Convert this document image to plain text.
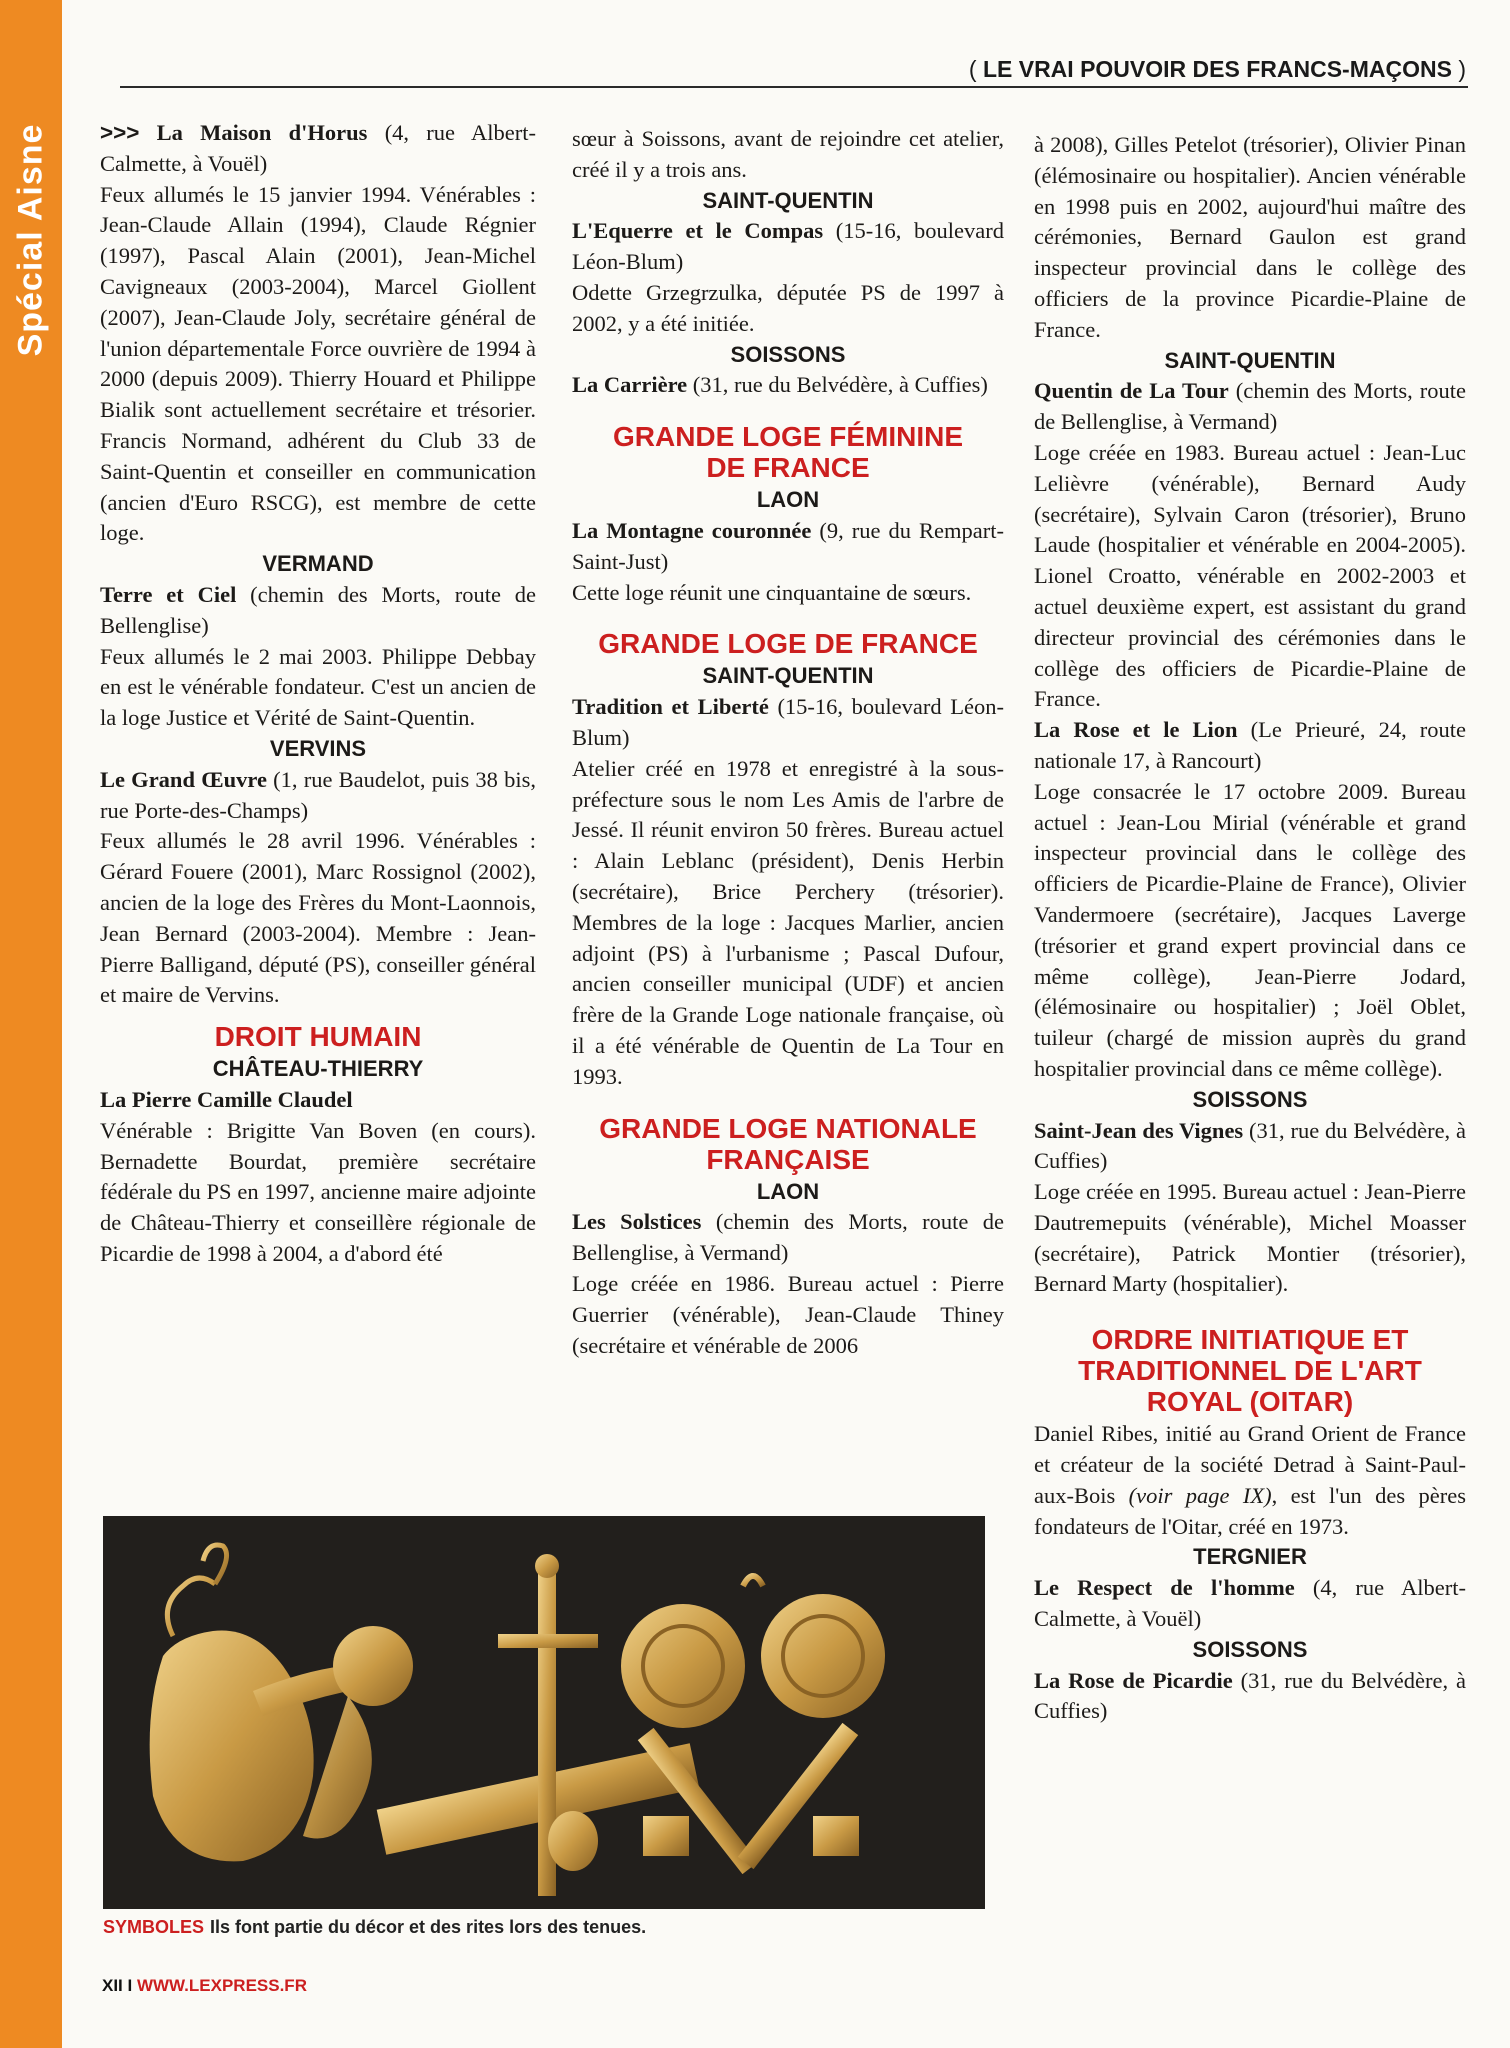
Spécial Aisne
( LE VRAI POUVOIR DES FRANCS-MAÇONS )

>>> La Maison d'Horus (4, rue Albert-Calmette, à Vouël)

Feux allumés le 15 janvier 1994. Vénérables : Jean-Claude Allain (1994), Claude Régnier (1997), Pascal Alain (2001), Jean-Michel Cavigneaux (2003-2004), Marcel Giollent (2007), Jean-Claude Joly, secrétaire général de l'union départementale Force ouvrière de 1994 à 2000 (depuis 2009). Thierry Houard et Philippe Bialik sont actuellement secrétaire et trésorier. Francis Normand, adhérent du Club 33 de Saint-Quentin et conseiller en communication (ancien d'Euro RSCG), est membre de cette loge.

VERMAND

Terre et Ciel (chemin des Morts, route de Bellenglise)

Feux allumés le 2 mai 2003. Philippe Debbay en est le vénérable fondateur. C'est un ancien de la loge Justice et Vérité de Saint-Quentin.

VERVINS

Le Grand Œuvre (1, rue Baudelot, puis 38 bis, rue Porte-des-Champs)

Feux allumés le 28 avril 1996. Vénérables : Gérard Fouere (2001), Marc Rossignol (2002), ancien de la loge des Frères du Mont-Laonnois, Jean Bernard (2003-2004). Membre : Jean-Pierre Balligand, député (PS), conseiller général et maire de Vervins.

DROIT HUMAIN

CHÂTEAU-THIERRY

La Pierre Camille Claudel

Vénérable : Brigitte Van Boven (en cours). Bernadette Bourdat, première secrétaire fédérale du PS en 1997, ancienne maire adjointe de Château-Thierry et conseillère régionale de Picardie de 1998 à 2004, a d'abord été

sœur à Soissons, avant de rejoindre cet atelier, créé il y a trois ans.

SAINT-QUENTIN

L'Equerre et le Compas (15-16, boulevard Léon-Blum)

Odette Grzegrzulka, députée PS de 1997 à 2002, y a été initiée.

SOISSONS

La Carrière (31, rue du Belvédère, à Cuffies)

GRANDE LOGE FÉMININE DE FRANCE

LAON

La Montagne couronnée (9, rue du Rempart-Saint-Just)

Cette loge réunit une cinquantaine de sœurs.

GRANDE LOGE DE FRANCE

SAINT-QUENTIN

Tradition et Liberté (15-16, boulevard Léon-Blum)

Atelier créé en 1978 et enregistré à la sous-préfecture sous le nom Les Amis de l'arbre de Jessé. Il réunit environ 50 frères. Bureau actuel : Alain Leblanc (président), Denis Herbin (secrétaire), Brice Perchery (trésorier). Membres de la loge : Jacques Marlier, ancien adjoint (PS) à l'urbanisme ; Pascal Dufour, ancien conseiller municipal (UDF) et ancien frère de la Grande Loge nationale française, où il a été vénérable de Quentin de La Tour en 1993.

GRANDE LOGE NATIONALE FRANÇAISE

LAON

Les Solstices (chemin des Morts, route de Bellenglise, à Vermand)

Loge créée en 1986. Bureau actuel : Pierre Guerrier (vénérable), Jean-Claude Thiney (secrétaire et vénérable de 2006

à 2008), Gilles Petelot (trésorier), Olivier Pinan (élémosinaire ou hospitalier). Ancien vénérable en 1998 puis en 2002, aujourd'hui maître des cérémonies, Bernard Gaulon est grand inspecteur provincial dans le collège des officiers de la province Picardie-Plaine de France.

SAINT-QUENTIN

Quentin de La Tour (chemin des Morts, route de Bellenglise, à Vermand)

Loge créée en 1983. Bureau actuel : Jean-Luc Lelièvre (vénérable), Bernard Audy (secrétaire), Sylvain Caron (trésorier), Bruno Laude (hospitalier et vénérable en 2004-2005). Lionel Croatto, vénérable en 2002-2003 et actuel deuxième expert, est assistant du grand directeur provincial des cérémonies dans le collège des officiers de Picardie-Plaine de France.

La Rose et le Lion (Le Prieuré, 24, route nationale 17, à Rancourt)

Loge consacrée le 17 octobre 2009. Bureau actuel : Jean-Lou Mirial (vénérable et grand inspecteur provincial dans le collège des officiers de Picardie-Plaine de France), Olivier Vandermoere (secrétaire), Jacques Laverge (trésorier et grand expert provincial dans ce même collège), Jean-Pierre Jodard, (élémosinaire ou hospitalier) ; Joël Oblet, tuileur (chargé de mission auprès du grand hospitalier provincial dans ce même collège).

SOISSONS

Saint-Jean des Vignes (31, rue du Belvédère, à Cuffies)

Loge créée en 1995. Bureau actuel : Jean-Pierre Dautremepuits (vénérable), Michel Moasser (secrétaire), Patrick Montier (trésorier), Bernard Marty (hospitalier).

ORDRE INITIATIQUE ET TRADITIONNEL DE L'ART ROYAL (OITAR)

Daniel Ribes, initié au Grand Orient de France et créateur de la société Detrad à Saint-Paul-aux-Bois (voir page IX), est l'un des pères fondateurs de l'Oitar, créé en 1973.

TERGNIER

Le Respect de l'homme (4, rue Albert-Calmette, à Vouël)

SOISSONS

La Rose de Picardie (31, rue du Belvédère, à Cuffies)

SYMBOLES Ils font partie du décor et des rites lors des tenues.
XII I WWW.LEXPRESS.FR
